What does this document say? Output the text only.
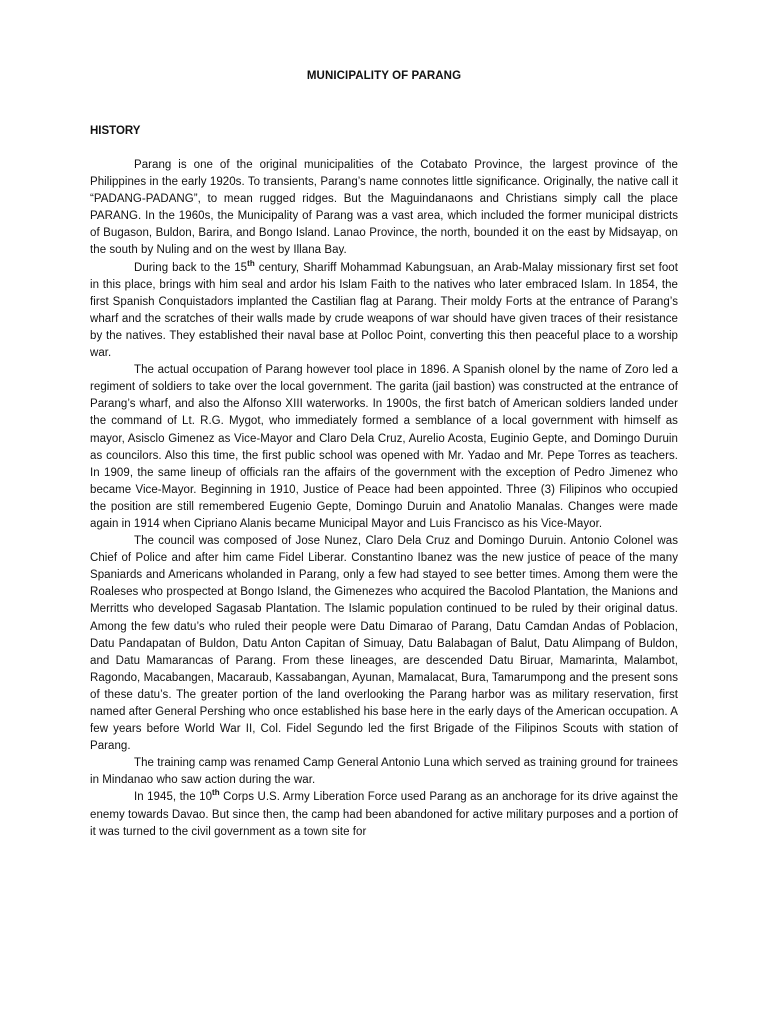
MUNICIPALITY OF PARANG
HISTORY

Parang is one of the original municipalities of the Cotabato Province, the largest province of the Philippines in the early 1920s. To transients, Parang’s name connotes little significance. Originally, the native call it “PADANG-PADANG”, to mean rugged ridges. But the Maguindanaons and Christians simply call the place PARANG. In the 1960s, the Municipality of Parang was a vast area, which included the former municipal districts of Bugason, Buldon, Barira, and Bongo Island. Lanao Province, the north, bounded it on the east by Midsayap, on the south by Nuling and on the west by Illana Bay.

During back to the 15th century, Shariff Mohammad Kabungsuan, an Arab-Malay missionary first set foot in this place, brings with him seal and ardor his Islam Faith to the natives who later embraced Islam. In 1854, the first Spanish Conquistadors implanted the Castilian flag at Parang. Their moldy Forts at the entrance of Parang’s wharf and the scratches of their walls made by crude weapons of war should have given traces of their resistance by the natives. They established their naval base at Polloc Point, converting this then peaceful place to a worship war.

The actual occupation of Parang however tool place in 1896. A Spanish olonel by the name of Zoro led a regiment of soldiers to take over the local government. The garita (jail bastion) was constructed at the entrance of Parang’s wharf, and also the Alfonso XIII waterworks. In 1900s, the first batch of American soldiers landed under the command of Lt. R.G. Mygot, who immediately formed a semblance of a local government with himself as mayor, Asisclo Gimenez as Vice-Mayor and Claro Dela Cruz, Aurelio Acosta, Euginio Gepte, and Domingo Duruin as councilors. Also this time, the first public school was opened with Mr. Yadao and Mr. Pepe Torres as teachers. In 1909, the same lineup of officials ran the affairs of the government with the exception of Pedro Jimenez who became Vice-Mayor. Beginning in 1910, Justice of Peace had been appointed. Three (3) Filipinos who occupied the position are still remembered Eugenio Gepte, Domingo Duruin and Anatolio Manalas. Changes were made again in 1914 when Cipriano Alanis became Municipal Mayor and Luis Francisco as his Vice-Mayor.

The council was composed of Jose Nunez, Claro Dela Cruz and Domingo Duruin. Antonio Colonel was Chief of Police and after him came Fidel Liberar. Constantino Ibanez was the new justice of peace of the many Spaniards and Americans wholanded in Parang, only a few had stayed to see better times. Among them were the Roaleses who prospected at Bongo Island, the Gimenezes who acquired the Bacolod Plantation, the Manions and Merritts who developed Sagasab Plantation. The Islamic population continued to be ruled by their original datus. Among the few datu’s who ruled their people were Datu Dimarao of Parang, Datu Camdan Andas of Poblacion, Datu Pandapatan of Buldon, Datu Anton Capitan of Simuay, Datu Balabagan of Balut, Datu Alimpang of Buldon, and Datu Mamarancas of Parang. From these lineages, are descended Datu Biruar, Mamarinta, Malambot, Ragondo, Macabangen, Macaraub, Kassabangan, Ayunan, Mamalacat, Bura, Tamarumpong and the present sons of these datu’s. The greater portion of the land overlooking the Parang harbor was as military reservation, first named after General Pershing who once established his base here in the early days of the American occupation. A few years before World War II, Col. Fidel Segundo led the first Brigade of the Filipinos Scouts with station of Parang.

The training camp was renamed Camp General Antonio Luna which served as training ground for trainees in Mindanao who saw action during the war.

In 1945, the 10th Corps U.S. Army Liberation Force used Parang as an anchorage for its drive against the enemy towards Davao. But since then, the camp had been abandoned for active military purposes and a portion of it was turned to the civil government as a town site for
